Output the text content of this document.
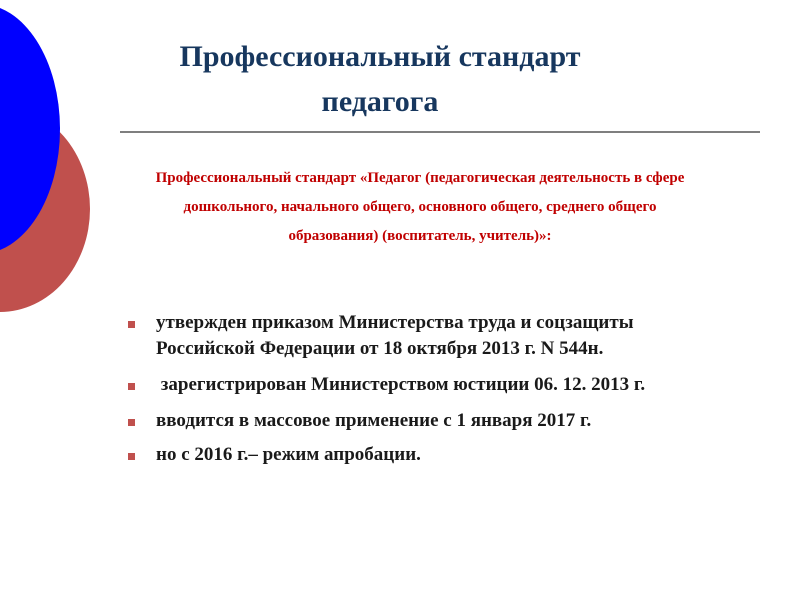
Профессиональный стандарт педагога

Профессиональный стандарт «Педагог (педагогическая деятельность в сфере дошкольного, начального общего, основного общего, среднего общего образования) (воспитатель, учитель)»:

утвержден приказом Министерства труда и соцзащиты Российской Федерации от 18 октября 2013 г. N 544н.
зарегистрирован Министерством юстиции 06. 12. 2013 г.
вводится в массовое применение с 1 января 2017 г.
но с 2016 г.– режим апробации.
